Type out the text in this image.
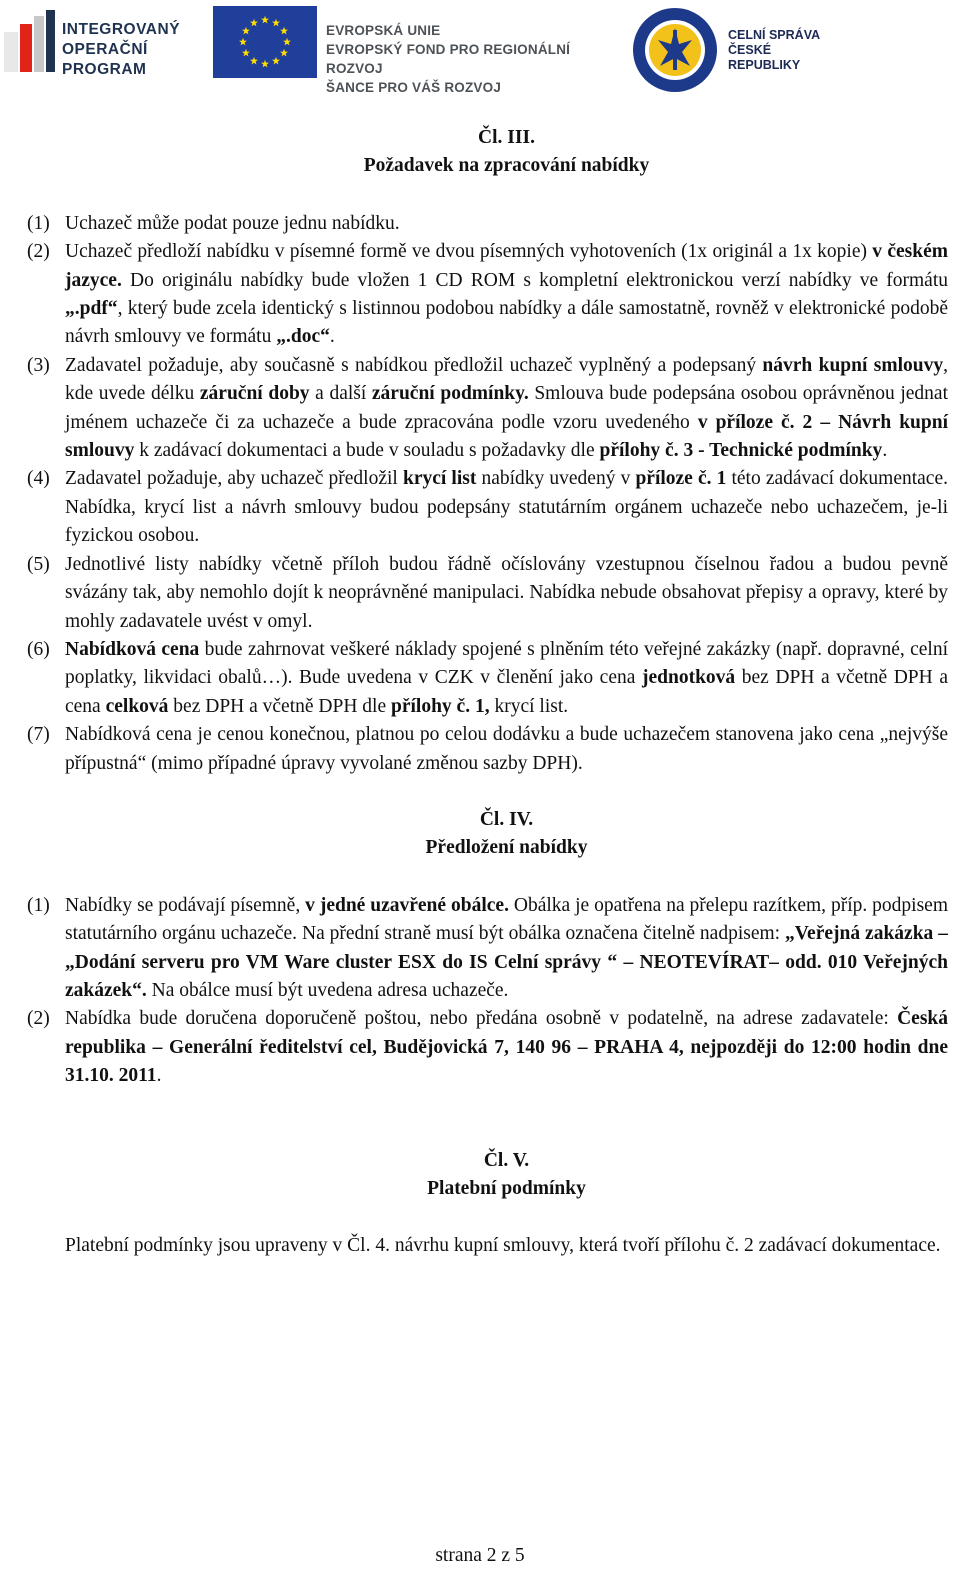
INTEGROVANÝ
OPERAČNÍ
PROGRAM
EVROPSKÁ UNIE
EVROPSKÝ FOND PRO REGIONÁLNÍ ROZVOJ
ŠANCE PRO VÁŠ ROZVOJ
CELNÍ SPRÁVA
ČESKÉ REPUBLIKY

Čl. III.

Požadavek na zpracování nabídky

(1) Uchazeč může podat pouze jednu nabídku.

(2) Uchazeč předloží nabídku v písemné formě ve dvou písemných vyhotoveních (1x originál a 1x kopie) v českém jazyce. Do originálu nabídky bude vložen 1 CD ROM s kompletní elektronickou verzí nabídky ve formátu „.pdf“, který bude zcela identický s listinnou podobou nabídky a dále samostatně, rovněž v elektronické podobě návrh smlouvy ve formátu „.doc“.

(3) Zadavatel požaduje, aby současně s nabídkou předložil uchazeč vyplněný a podepsaný návrh kupní smlouvy, kde uvede délku záruční doby a další záruční podmínky. Smlouva bude podepsána osobou oprávněnou jednat jménem uchazeče či za uchazeče a bude zpracována podle vzoru uvedeného v příloze č. 2 – Návrh kupní smlouvy k zadávací dokumentaci a bude v souladu s požadavky dle přílohy č. 3 - Technické podmínky.

(4) Zadavatel požaduje, aby uchazeč předložil krycí list nabídky uvedený v příloze č. 1 této zadávací dokumentace. Nabídka, krycí list a návrh smlouvy budou podepsány statutárním orgánem uchazeče nebo uchazečem, je-li fyzickou osobou.

(5) Jednotlivé listy nabídky včetně příloh budou řádně očíslovány vzestupnou číselnou řadou a budou pevně svázány tak, aby nemohlo dojít k neoprávněné manipulaci. Nabídka nebude obsahovat přepisy a opravy, které by mohly zadavatele uvést v omyl.

(6) Nabídková cena bude zahrnovat veškeré náklady spojené s plněním této veřejné zakázky (např. dopravné, celní poplatky, likvidaci obalů…). Bude uvedena v CZK v členění jako cena jednotková bez DPH a včetně DPH a cena celková bez DPH a včetně DPH dle přílohy č. 1, krycí list.

(7) Nabídková cena je cenou konečnou, platnou po celou dodávku a bude uchazečem stanovena jako cena „nejvýše přípustná“ (mimo případné úpravy vyvolané změnou sazby DPH).

Čl. IV.

Předložení nabídky

(1) Nabídky se podávají písemně, v jedné uzavřené obálce. Obálka je opatřena na přelepu razítkem, příp. podpisem statutárního orgánu uchazeče. Na přední straně musí být obálka označena čitelně nadpisem: „Veřejná zakázka – „Dodání serveru pro VM Ware cluster ESX do IS Celní správy “ – NEOTEVÍRAT– odd. 010 Veřejných zakázek“. Na obálce musí být uvedena adresa uchazeče.

(2) Nabídka bude doručena doporučeně poštou, nebo předána osobně v podatelně, na adrese zadavatele: Česká republika – Generální ředitelství cel, Budějovická 7, 140 96 – PRAHA 4, nejpozději do 12:00 hodin dne 31.10. 2011.

Čl. V.

Platební podmínky

Platební podmínky jsou upraveny v Čl. 4. návrhu kupní smlouvy, která tvoří přílohu č. 2 zadávací dokumentace.

strana 2 z 5
